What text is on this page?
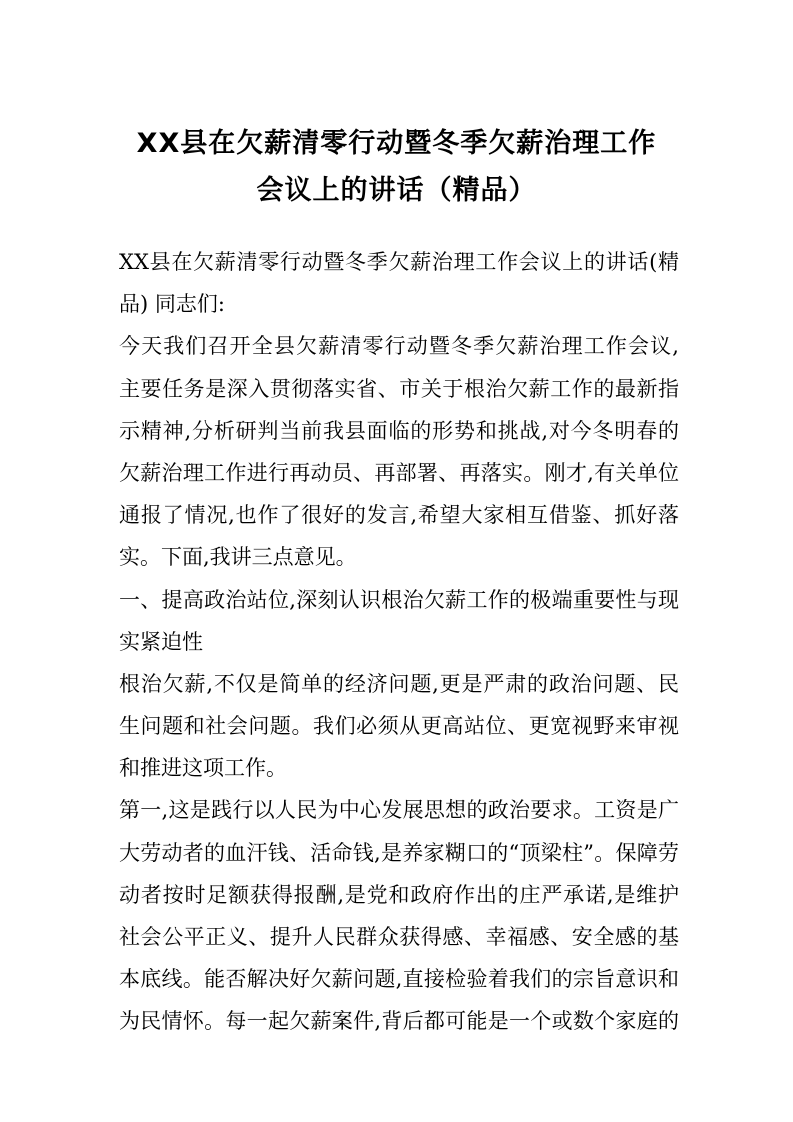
XX县在欠薪清零行动暨冬季欠薪治理工作
会议上的讲话（精品）
XX县在欠薪清零行动暨冬季欠薪治理工作会议上的讲话(精
品) 同志们:
今天我们召开全县欠薪清零行动暨冬季欠薪治理工作会议,
主要任务是深入贯彻落实省、市关于根治欠薪工作的最新指
示精神,分析研判当前我县面临的形势和挑战,对今冬明春的
欠薪治理工作进行再动员、再部署、再落实。刚才,有关单位
通报了情况,也作了很好的发言,希望大家相互借鉴、抓好落
实。下面,我讲三点意见。
一、提高政治站位,深刻认识根治欠薪工作的极端重要性与现
实紧迫性
根治欠薪,不仅是简单的经济问题,更是严肃的政治问题、民
生问题和社会问题。我们必须从更高站位、更宽视野来审视
和推进这项工作。
第一,这是践行以人民为中心发展思想的政治要求。工资是广
大劳动者的血汗钱、活命钱,是养家糊口的“顶梁柱”。保障劳
动者按时足额获得报酬,是党和政府作出的庄严承诺,是维护
社会公平正义、提升人民群众获得感、幸福感、安全感的基
本底线。能否解决好欠薪问题,直接检验着我们的宗旨意识和
为民情怀。每一起欠薪案件,背后都可能是一个或数个家庭的
